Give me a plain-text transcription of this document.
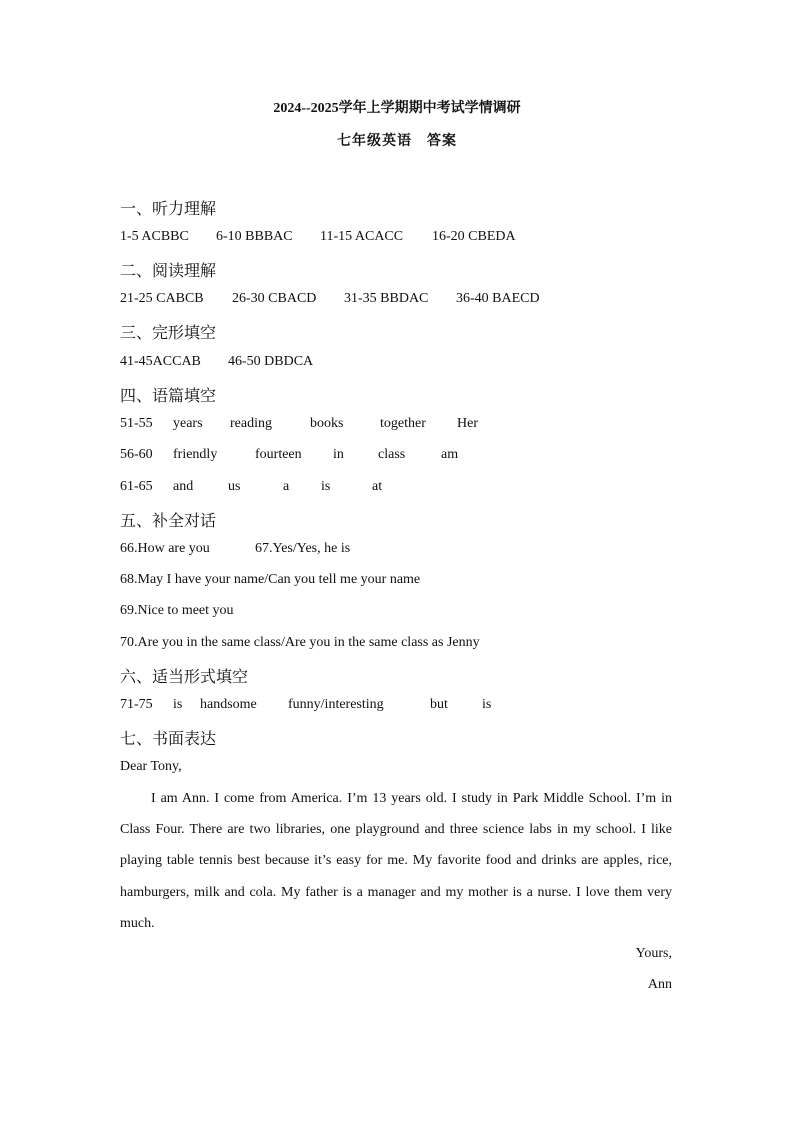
2024--2025学年上学期期中考试学情调研
七年级英语　答案
一、听力理解
1-5 ACBBC 6-10 BBBAC 11-15 ACACC 16-20 CBEDA
二、阅读理解
21-25 CABCB 26-30 CBACD 31-35 BBDAC 36-40 BAECD
三、完形填空
41-45ACCAB 46-50 DBDCA
四、语篇填空
51-55 years reading	books	together Her
56-60 friendly	fourteen in class	am
61-65 and us	a is	at
五、补全对话
66.How are you	67.Yes/Yes, he is
68.May I have your name/Can you tell me your name
69.Nice to meet you
70.Are you in the same class/Are you in the same class as Jenny
六、适当形式填空
71-75 is handsome funny/interesting	but is
七、书面表达
Dear Tony,
I am Ann. I come from America. I’m 13 years old. I study in Park Middle School. I’m in Class Four. There are two libraries, one playground and three science labs in my school. I like playing table tennis best because it’s easy for me. My favorite food and drinks are apples, rice, hamburgers, milk and cola. My father is a manager and my mother is a nurse. I love them very much.
Yours,
Ann
